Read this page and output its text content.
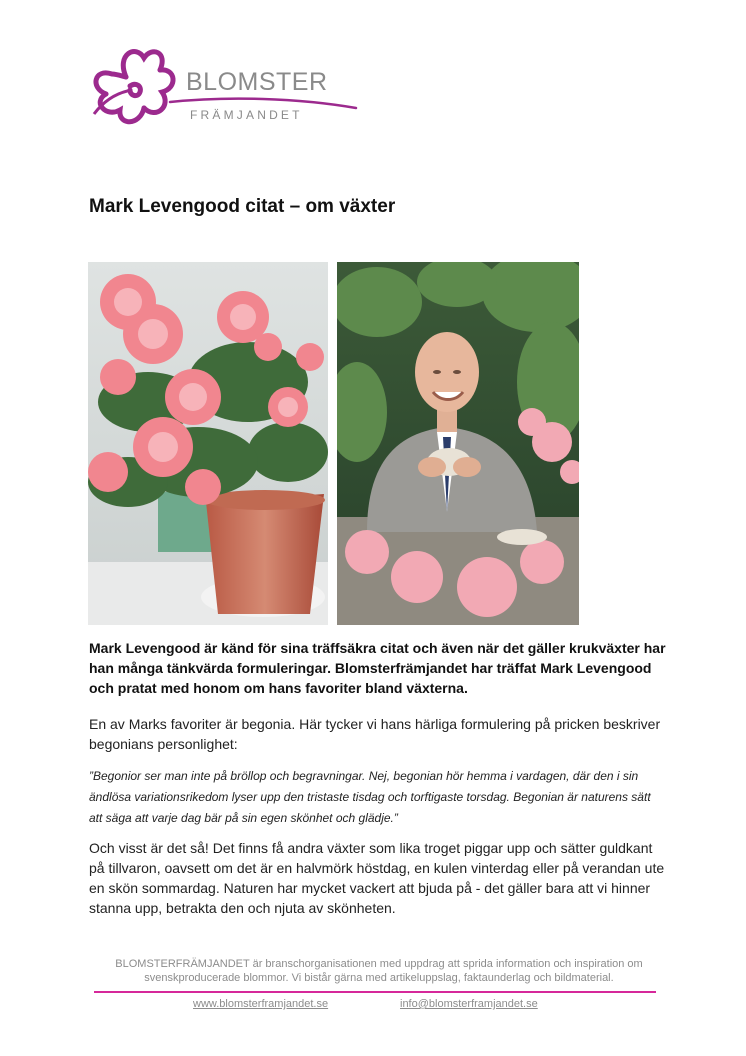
BLOMSTER
FRÄMJANDET
Mark Levengood citat – om växter
Mark Levengood är känd för sina träffsäkra citat och även när det gäller krukväxter har han många tänkvärda formuleringar. Blomsterfrämjandet har träffat Mark Levengood och pratat med honom om hans favoriter bland växterna.
En av Marks favoriter är begonia. Här tycker vi hans härliga formulering på pricken beskriver begonians personlighet:
”Begonior ser man inte på bröllop och begravningar. Nej, begonian hör hemma i vardagen, där den i sin ändlösa variationsrikedom lyser upp den tristaste tisdag och torftigaste torsdag. Begonian är naturens sätt att säga att varje dag bär på sin egen skönhet och glädje.”
Och visst är det så! Det finns få andra växter som lika troget piggar upp och sätter guldkant på tillvaron, oavsett om det är en halvmörk höstdag, en kulen vinterdag eller på verandan ute en skön sommardag. Naturen har mycket vackert att bjuda på - det gäller bara att vi hinner stanna upp, betrakta den och njuta av skönheten.
BLOMSTERFRÄMJANDET är branschorganisationen med uppdrag att sprida information och inspiration om svenskproducerade blommor. Vi bistår gärna med artikeluppslag, faktaunderlag och bildmaterial.
www.blomsterframjandet.se	info@blomsterframjandet.se
